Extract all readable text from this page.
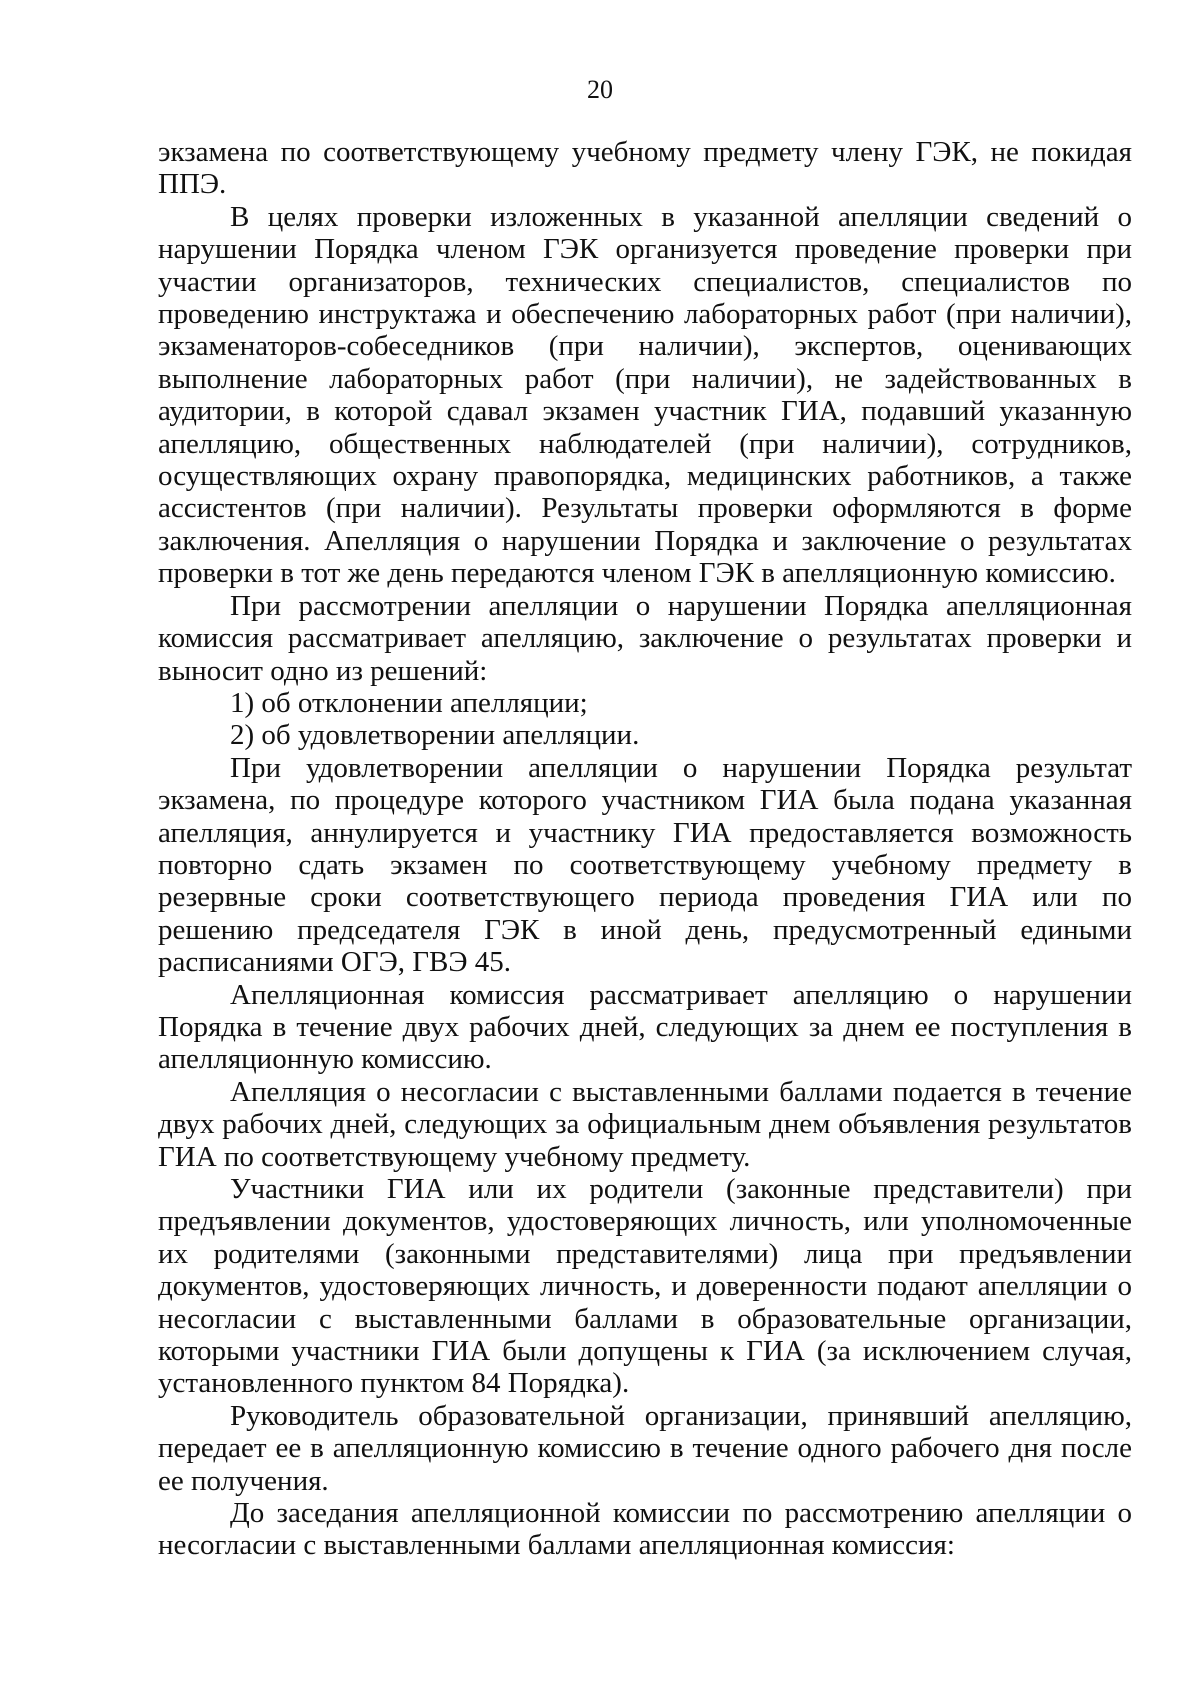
20

экзамена по соответствующему учебному предмету члену ГЭК, не покидая ППЭ.

В целях проверки изложенных в указанной апелляции сведений о нарушении Порядка членом ГЭК организуется проведение проверки при участии организаторов, технических специалистов, специалистов по проведению инструктажа и обеспечению лабораторных работ (при наличии), экзаменаторов-собеседников (при наличии), экспертов, оценивающих выполнение лабораторных работ (при наличии), не задействованных в аудитории, в которой сдавал экзамен участник ГИА, подавший указанную апелляцию, общественных наблюдателей (при наличии), сотрудников, осуществляющих охрану правопорядка, медицинских работников, а также ассистентов (при наличии). Результаты проверки оформляются в форме заключения. Апелляция о нарушении Порядка и заключение о результатах проверки в тот же день передаются членом ГЭК в апелляционную комиссию.

При рассмотрении апелляции о нарушении Порядка апелляционная комиссия рассматривает апелляцию, заключение о результатах проверки и выносит одно из решений:

1) об отклонении апелляции;

2) об удовлетворении апелляции.

При удовлетворении апелляции о нарушении Порядка результат экзамена, по процедуре которого участником ГИА была подана указанная апелляция, аннулируется и участнику ГИА предоставляется возможность повторно сдать экзамен по соответствующему учебному предмету в резервные сроки соответствующего периода проведения ГИА или по решению председателя ГЭК в иной день, предусмотренный едиными расписаниями ОГЭ, ГВЭ 45.

Апелляционная комиссия рассматривает апелляцию о нарушении Порядка в течение двух рабочих дней, следующих за днем ее поступления в апелляционную комиссию.

Апелляция о несогласии с выставленными баллами подается в течение двух рабочих дней, следующих за официальным днем объявления результатов ГИА по соответствующему учебному предмету.

Участники ГИА или их родители (законные представители) при предъявлении документов, удостоверяющих личность, или уполномоченные их родителями (законными представителями) лица при предъявлении документов, удостоверяющих личность, и доверенности подают апелляции о несогласии с выставленными баллами в образовательные организации, которыми участники ГИА были допущены к ГИА (за исключением случая, установленного пунктом 84 Порядка).

Руководитель образовательной организации, принявший апелляцию, передает ее в апелляционную комиссию в течение одного рабочего дня после ее получения.

До заседания апелляционной комиссии по рассмотрению апелляции о несогласии с выставленными баллами апелляционная комиссия:
